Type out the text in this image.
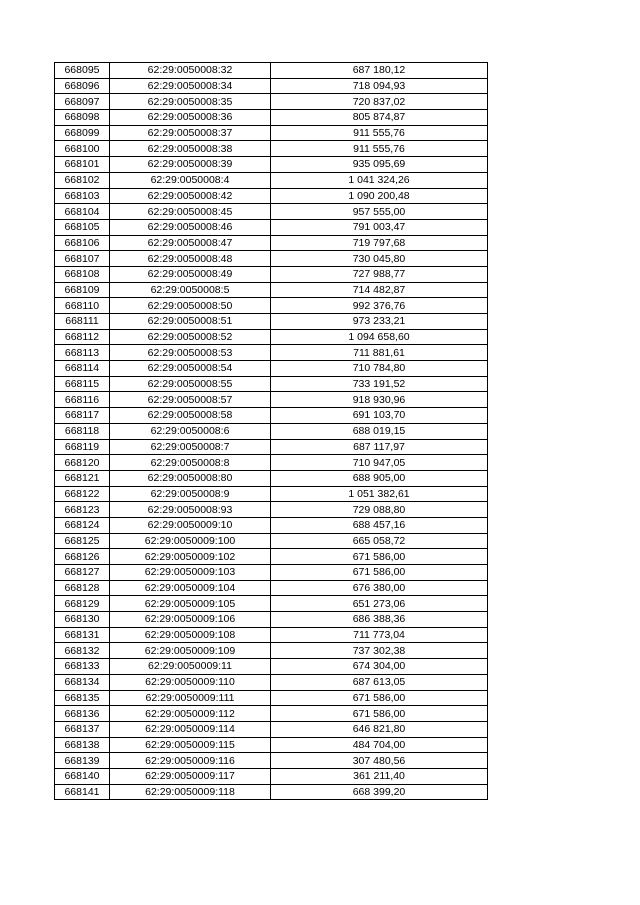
668095	62:29:0050008:32	687 180,12
668096	62:29:0050008:34	718 094,93
668097	62:29:0050008:35	720 837,02
668098	62:29:0050008:36	805 874,87
668099	62:29:0050008:37	911 555,76
668100	62:29:0050008:38	911 555,76
668101	62:29:0050008:39	935 095,69
668102	62:29:0050008:4	1 041 324,26
668103	62:29:0050008:42	1 090 200,48
668104	62:29:0050008:45	957 555,00
668105	62:29:0050008:46	791 003,47
668106	62:29:0050008:47	719 797,68
668107	62:29:0050008:48	730 045,80
668108	62:29:0050008:49	727 988,77
668109	62:29:0050008:5	714 482,87
668110	62:29:0050008:50	992 376,76
668111	62:29:0050008:51	973 233,21
668112	62:29:0050008:52	1 094 658,60
668113	62:29:0050008:53	711 881,61
668114	62:29:0050008:54	710 784,80
668115	62:29:0050008:55	733 191,52
668116	62:29:0050008:57	918 930,96
668117	62:29:0050008:58	691 103,70
668118	62:29:0050008:6	688 019,15
668119	62:29:0050008:7	687 117,97
668120	62:29:0050008:8	710 947,05
668121	62:29:0050008:80	688 905,00
668122	62:29:0050008:9	1 051 382,61
668123	62:29:0050008:93	729 088,80
668124	62:29:0050009:10	688 457,16
668125	62:29:0050009:100	665 058,72
668126	62:29:0050009:102	671 586,00
668127	62:29:0050009:103	671 586,00
668128	62:29:0050009:104	676 380,00
668129	62:29:0050009:105	651 273,06
668130	62:29:0050009:106	686 388,36
668131	62:29:0050009:108	711 773,04
668132	62:29:0050009:109	737 302,38
668133	62:29:0050009:11	674 304,00
668134	62:29:0050009:110	687 613,05
668135	62:29:0050009:111	671 586,00
668136	62:29:0050009:112	671 586,00
668137	62:29:0050009:114	646 821,80
668138	62:29:0050009:115	484 704,00
668139	62:29:0050009:116	307 480,56
668140	62:29:0050009:117	361 211,40
668141	62:29:0050009:118	668 399,20
